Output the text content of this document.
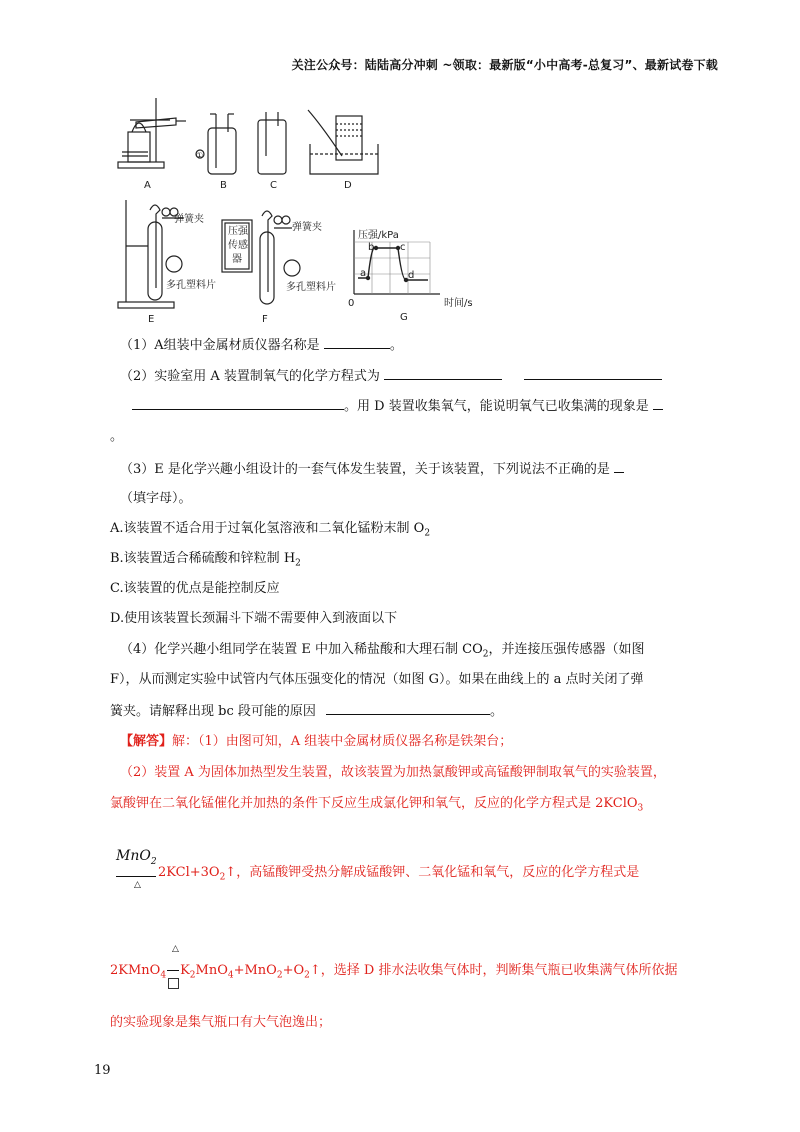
关注公众号：陆陆高分冲刺 ~领取：最新版“小中高考-总复习”、最新试卷下载
A	B	C	D
E	F	G
①
弹簧夹
弹簧夹
多孔塑料片	多孔塑料片
压 强
传 感
器
压强/kPa
时间/s
0
a
b	c
d
（1）A组装中金属材质仪器名称是	。
（2）实验室用 A 装置制氧气的化学方程式为
。用 D 装置收集氧气，能说明氧气已收集满的现象是
。
（3）E 是化学兴趣小组设计的一套气体发生装置，关于该装置，下列说法不正确的是
（填字母）。
A.该装置不适合用于过氧化氢溶液和二氧化锰粉末制 $O_2$
B.该装置适合稀硫酸和锌粒制 $H_2$
C.该装置的优点是能控制反应
D.使用该装置长颈漏斗下端不需要伸入到液面以下
（4）化学兴趣小组同学在装置 E 中加入稀盐酸和大理石制 $CO_2$，并连接压强传感器（如图
F），从而测定实验中试管内气体压强变化的情况（如图 G）。如果在曲线上的 a 点时关闭了弹
簧夹。请解释出现 bc 段可能的原因	。
【解答】解：（1）由图可知，A 组装中金属材质仪器名称是铁架台；
（2）装置 A 为固体加热型发生装置，故该装置为加热氯酸钾或高锰酸钾制取氧气的实验装置，
氯酸钾在二氧化锰催化并加热的条件下反应生成氯化钾和氧气，反应的化学方程式是 2KClO$_3$
MnO$_2$
△
$2KCl+3O_2↑$，高锰酸钾受热分解成锰酸钾、二氧化锰和氧气，反应的化学方程式是
△
2KMnO$_4$ $K_2MnO_4+MnO_2+O_2↑$，选择 D 排水法收集气体时，判断集气瓶已收集满气体所依据
的实验现象是集气瓶口有大气泡逸出；
19
